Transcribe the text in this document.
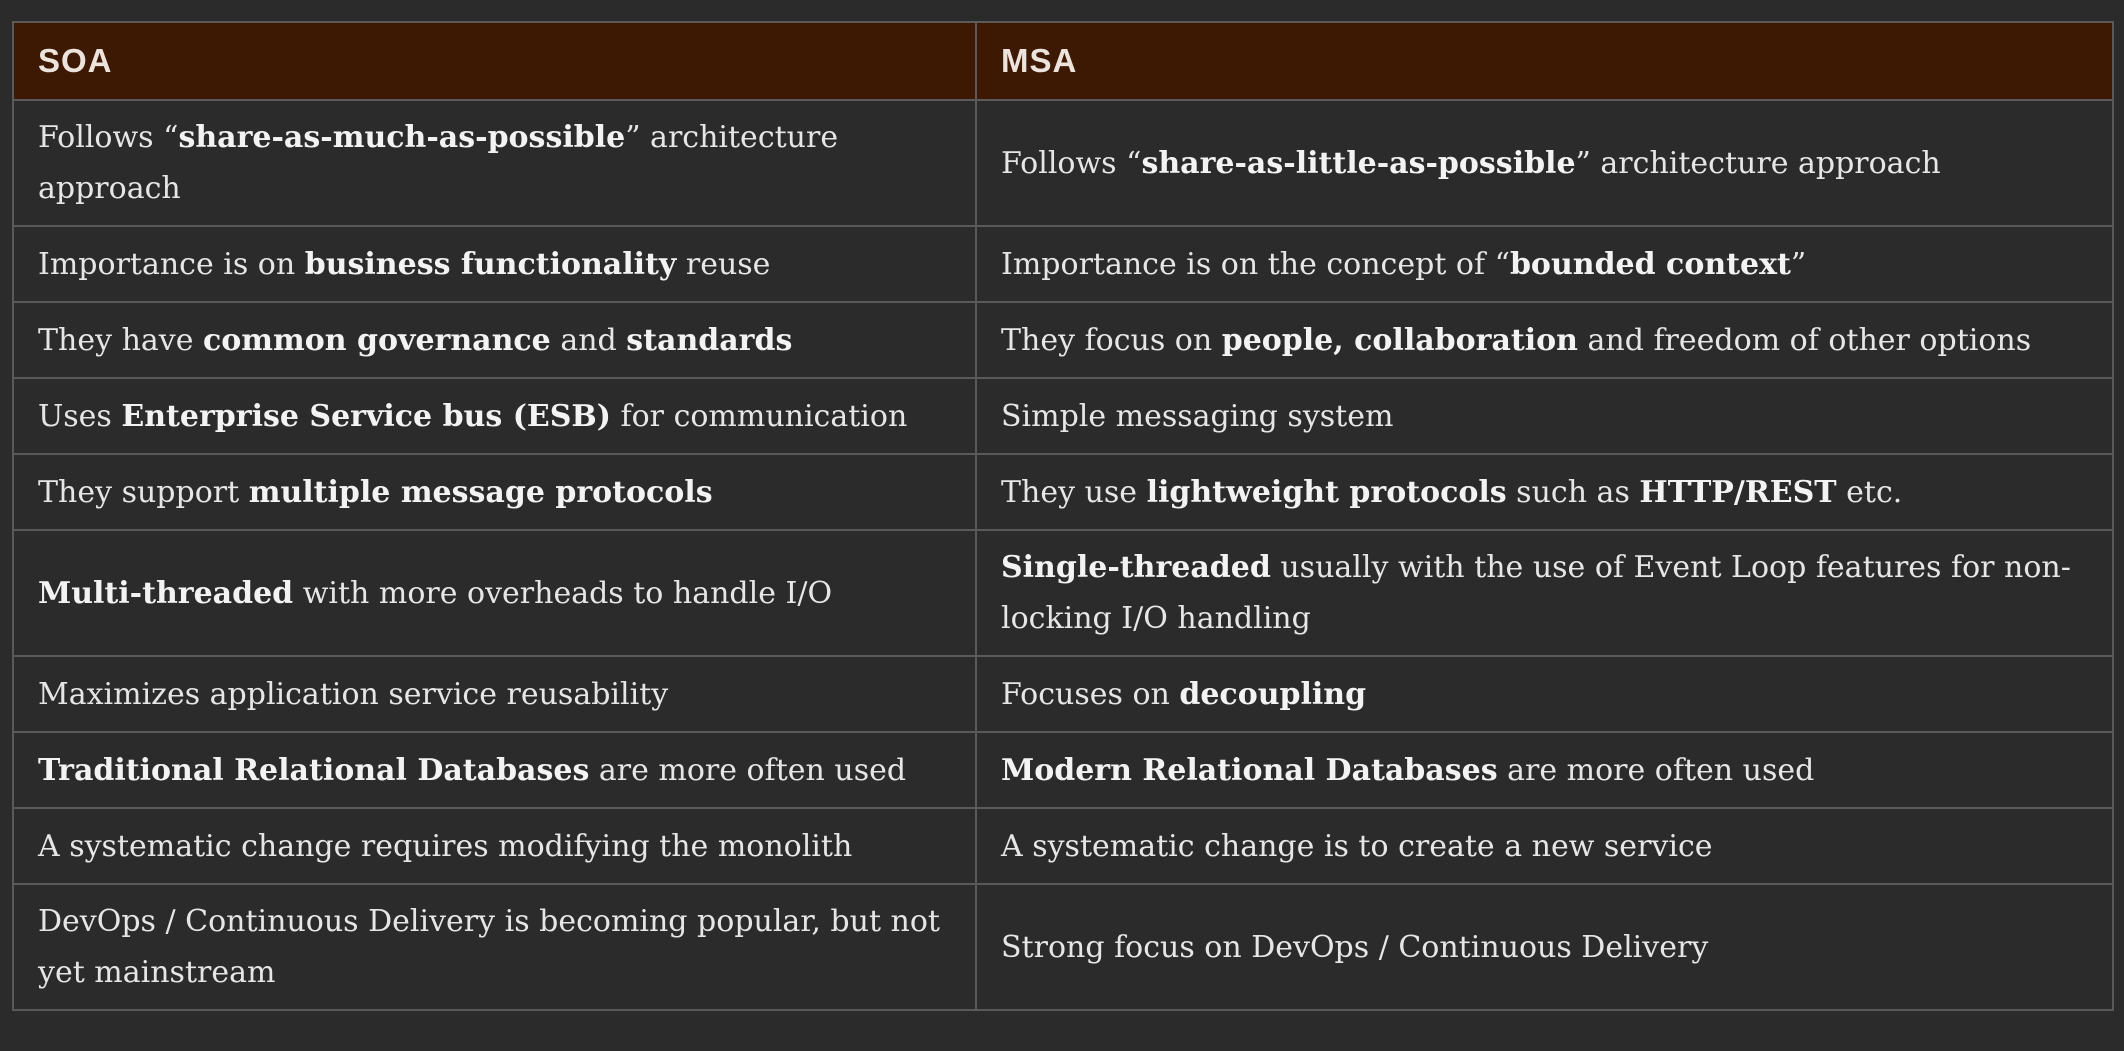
SOA	MSA
Follows “share-as-much-as-possible” architecture approach	Follows “share-as-little-as-possible” architecture approach
Importance is on business functionality reuse	Importance is on the concept of “bounded context”
They have common governance and standards	They focus on people, collaboration and freedom of other options
Uses Enterprise Service bus (ESB) for communication	Simple messaging system
They support multiple message protocols	They use lightweight protocols such as HTTP/REST etc.
Multi-threaded with more overheads to handle I/O	Single-threaded usually with the use of Event Loop features for non-locking I/O handling
Maximizes application service reusability	Focuses on decoupling
Traditional Relational Databases are more often used	Modern Relational Databases are more often used
A systematic change requires modifying the monolith	A systematic change is to create a new service
DevOps / Continuous Delivery is becoming popular, but not yet mainstream	Strong focus on DevOps / Continuous Delivery
